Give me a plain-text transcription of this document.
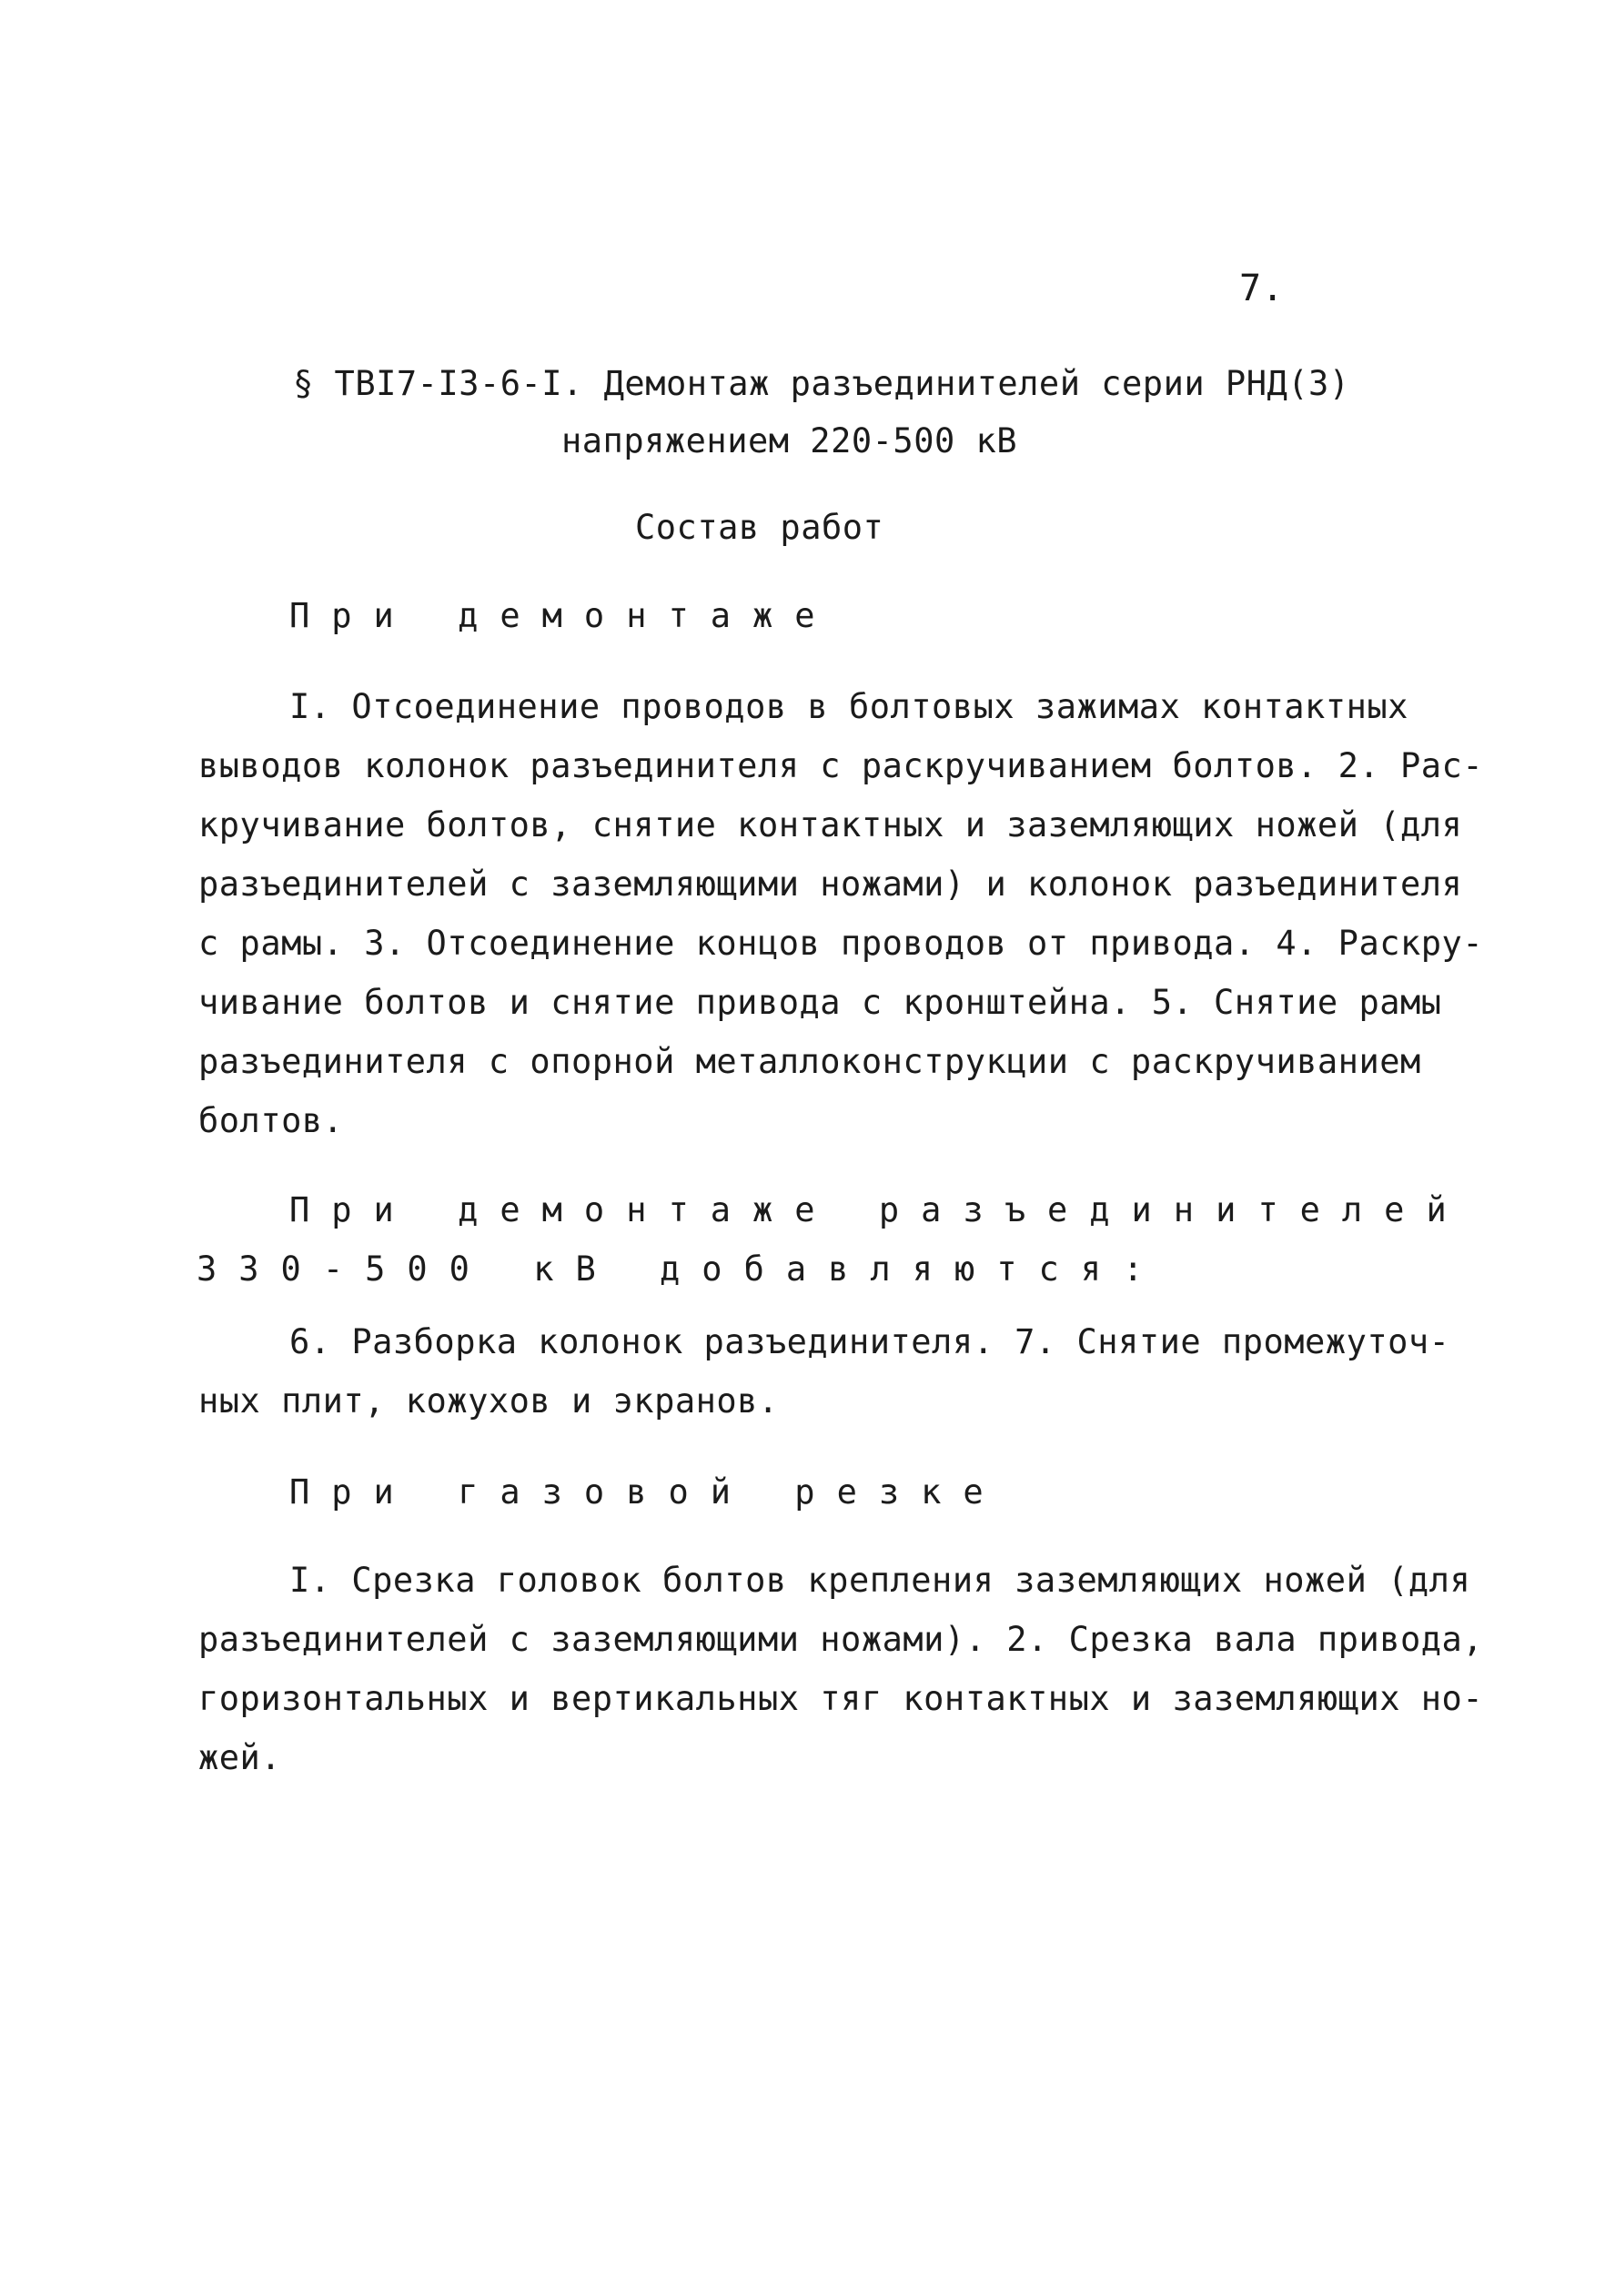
7.
§ ТВI7-I3-6-I. Демонтаж разъединителей серии РНД(3)
напряжением 220-500 кВ
Состав работ
При демонтаже
I. Отсоединение проводов в болтовых зажимах контактных
выводов колонок разъединителя с раскручиванием болтов. 2. Рас-
кручивание болтов, снятие контактных и заземляющих ножей (для
разъединителей с заземляющими ножами) и колонок разъединителя
с рамы. 3. Отсоединение концов проводов от привода. 4. Раскру-
чивание болтов и снятие привода с кронштейна. 5. Снятие рамы
разъединителя с опорной металлоконструкции с раскручиванием
болтов.
При демонтаже разъединителей
330-500 кВ добавляются:
6. Разборка колонок разъединителя. 7. Снятие промежуточ-
ных плит, кожухов и экранов.
При газовой резке
I. Срезка головок болтов крепления заземляющих ножей (для
разъединителей с заземляющими ножами). 2. Срезка вала привода,
горизонтальных и вертикальных тяг контактных и заземляющих но-
жей.
